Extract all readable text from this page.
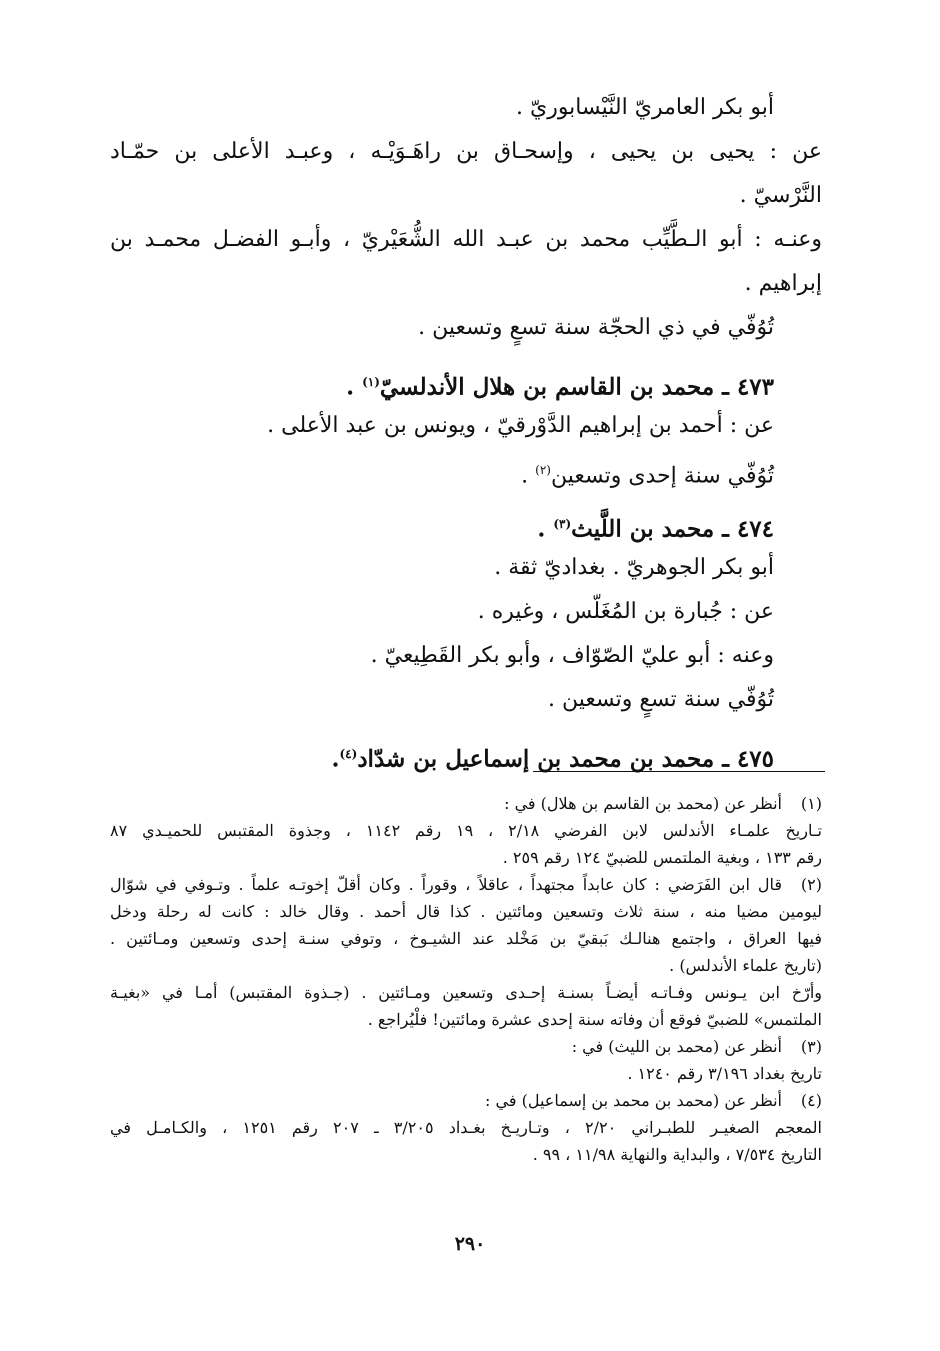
أبو بكر العامريّ النَّيْسابوريّ .
عن : يحيى بن يحيى ، وإسحـاق بن راهَـوَيْـه ، وعبـد الأعلى بن حمّـاد
النَّرْسيّ .
وعنـه : أبو الـطَّيِّب محمد بن عبـد الله الشُّعَيْريّ ، وأبـو الفضـل محمـد بن
إبراهيم .
تُوُفّي في ذي الحجّة سنة تسعٍ وتسعين .
٤٧٣ ـ محمد بن القاسم بن هلال الأندلسيّ$^{(١)}$ .
عن : أحمد بن إبراهيم الدَّوْرقيّ ، ويونس بن عبد الأعلى .
تُوُفّي سنة إحدى وتسعين$^{(٢)}$ .
٤٧٤ ـ محمد بن اللَّيث$^{(٣)}$ .
أبو بكر الجوهريّ . بغداديّ ثقة .
عن : جُبارة بن المُغَلّس ، وغيره .
وعنه : أبو عليّ الصّوّاف ، وأبو بكر القَطِيعيّ .
تُوُفّي سنة تسعٍ وتسعين .
٤٧٥ ـ محمد بن محمد بن إسماعيل بن شدّاد$^{(٤)}$.
(١)
أنظر عن (محمد بن القاسم بن هلال) في :
تـاريخ علمـاء الأندلس لابن الفرضي ٢/١٨ ، ١٩ رقم ١١٤٢ ، وجذوة المقتبس للحميـدي ٨٧
رقم ١٣٣ ، وبغية الملتمس للضبيّ ١٢٤ رقم ٢٥٩ .
(٢)
قال ابن الفَرَضي : كان عابداً مجتهداً ، عاقلاً ، وقوراً . وكان أقلّ إخوتـه علماً . وتـوفي في شوّال
ليومين مضيا منه ، سنة ثلاث وتسعين ومائتين . كذا قال أحمد . وقال خالد : كانت له رحلة ودخل
فيها العراق ، واجتمع هنالـك بَبقيّ بن مَخْلد عند الشيـوخ ، وتوفي سنـة إحدى وتسعين ومـائتين .
(تاريخ علماء الأندلس) .
وأرّخ ابن يـونس وفـاتـه أيضـاً بسنـة إحـدى وتسعين ومـائتين . (جـذوة المقتبس) أمـا في «بغيـة
الملتمس» للضبيّ فوقع أن وفاته سنة إحدى عشرة ومائتين! فلْيُراجع .
(٣)
أنظر عن (محمد بن الليث) في :
تاريخ بغداد ٣/١٩٦ رقم ١٢٤٠ .
(٤)
أنظر عن (محمد بن محمد بن إسماعيل) في :
المعجم الصغيـر للطبـراني ٢/٢٠ ، وتـاريـخ بغـداد ٣/٢٠٥ ـ ٢٠٧ رقم ١٢٥١ ، والكـامـل في
التاريخ ٧/٥٣٤ ، والبداية والنهاية ١١/٩٨ ، ٩٩ .
٢٩٠
